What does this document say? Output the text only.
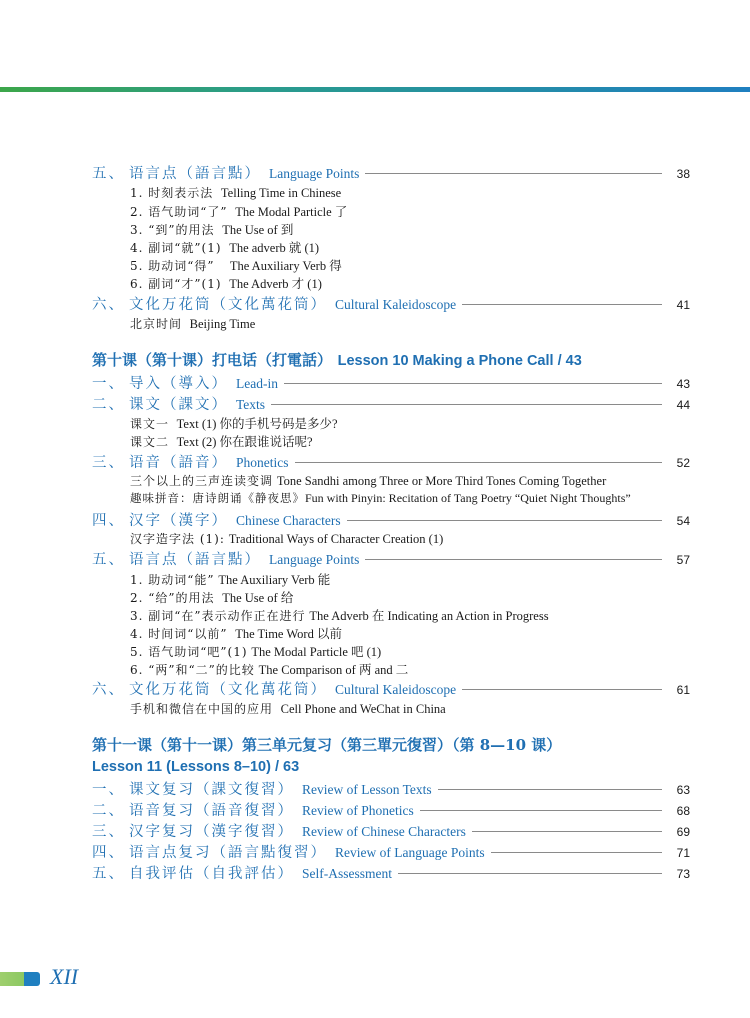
五、 语言点（語言點） Language Points	38
1. 时刻表示法 Telling Time in Chinese
2. 语气助词“了” The Modal Particle 了
3. “到”的用法 The Use of 到
4. 副词“就”(1) The adverb 就 (1)
5. 助动词“得” The Auxiliary Verb 得
6. 副词“才”(1) The Adverb 才 (1)
六、 文化万花筒（文化萬花筒） Cultural Kaleidoscope	41
北京时间 Beijing Time
第十课（第十课）打电话（打電話） Lesson 10 Making a Phone Call / 43
一、 导入（導入） Lead-in	43
二、 课文（課文） Texts	44
课文一 Text (1) 你的手机号码是多少?
课文二 Text (2) 你在跟谁说话呢?
三、 语音（語音） Phonetics	52
三个以上的三声连读变调 Tone Sandhi among Three or More Third Tones Coming Together
趣味拼音：唐诗朗诵《静夜思》Fun with Pinyin: Recitation of Tang Poetry “Quiet Night Thoughts”
四、 汉字（漢字） Chinese Characters	54
汉字造字法 (1): Traditional Ways of Character Creation (1)
五、 语言点（語言點） Language Points	57
1. 助动词“能” The Auxiliary Verb 能
2. “给”的用法 The Use of 给
3. 副词“在”表示动作正在进行 The Adverb 在 Indicating an Action in Progress
4. 时间词“以前” The Time Word 以前
5. 语气助词“吧”(1) The Modal Particle 吧 (1)
6. “两”和“二”的比较 The Comparison of 两 and 二
六、 文化万花筒（文化萬花筒） Cultural Kaleidoscope	61
手机和微信在中国的应用 Cell Phone and WeChat in China
第十一课（第十一课）第三单元复习（第三單元復習）（第 8—10 课）
Lesson 11 (Lessons 8–10) / 63
一、 课文复习（課文復習） Review of Lesson Texts	63
二、 语音复习（語音復習） Review of Phonetics	68
三、 汉字复习（漢字復習） Review of Chinese Characters	69
四、 语言点复习（語言點復習） Review of Language Points	71
五、 自我评估（自我評估） Self-Assessment	73
XII
